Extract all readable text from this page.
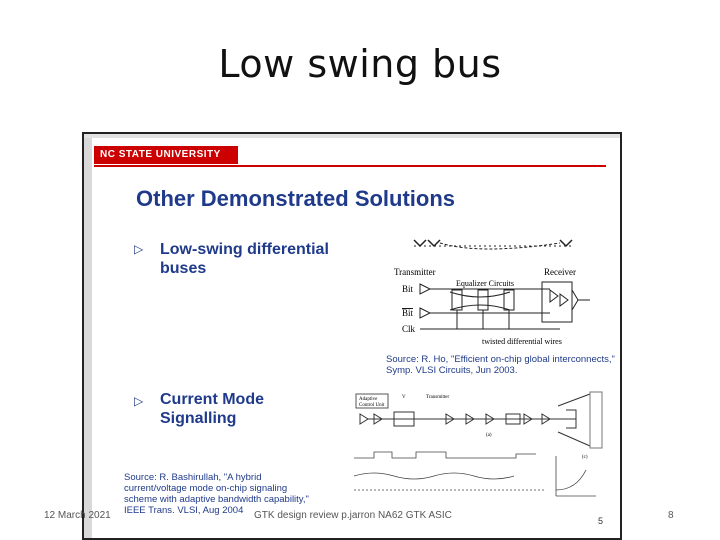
Low swing bus
NC STATE UNIVERSITY
Other Demonstrated Solutions
▷ Low-swing differential
buses
▷ Current Mode
Signalling
Transmitter
Equalizer Circuits
Receiver
Bit
Bit
Clk
twisted differential wires
Source: R. Ho, "Efficient on-chip global interconnects,"
Symp. VLSI Circuits, Jun 2003.
Adaptive
Control Unit
V	Transmitter
(c)
(a)
Source: R. Bashirullah, "A hybrid
current/voltage mode on-chip signaling
scheme with adaptive bandwidth capability,"
IEEE Trans. VLSI, Aug 2004
5
12 March 2021	GTK design review p.jarron NA62 GTK ASIC	8
